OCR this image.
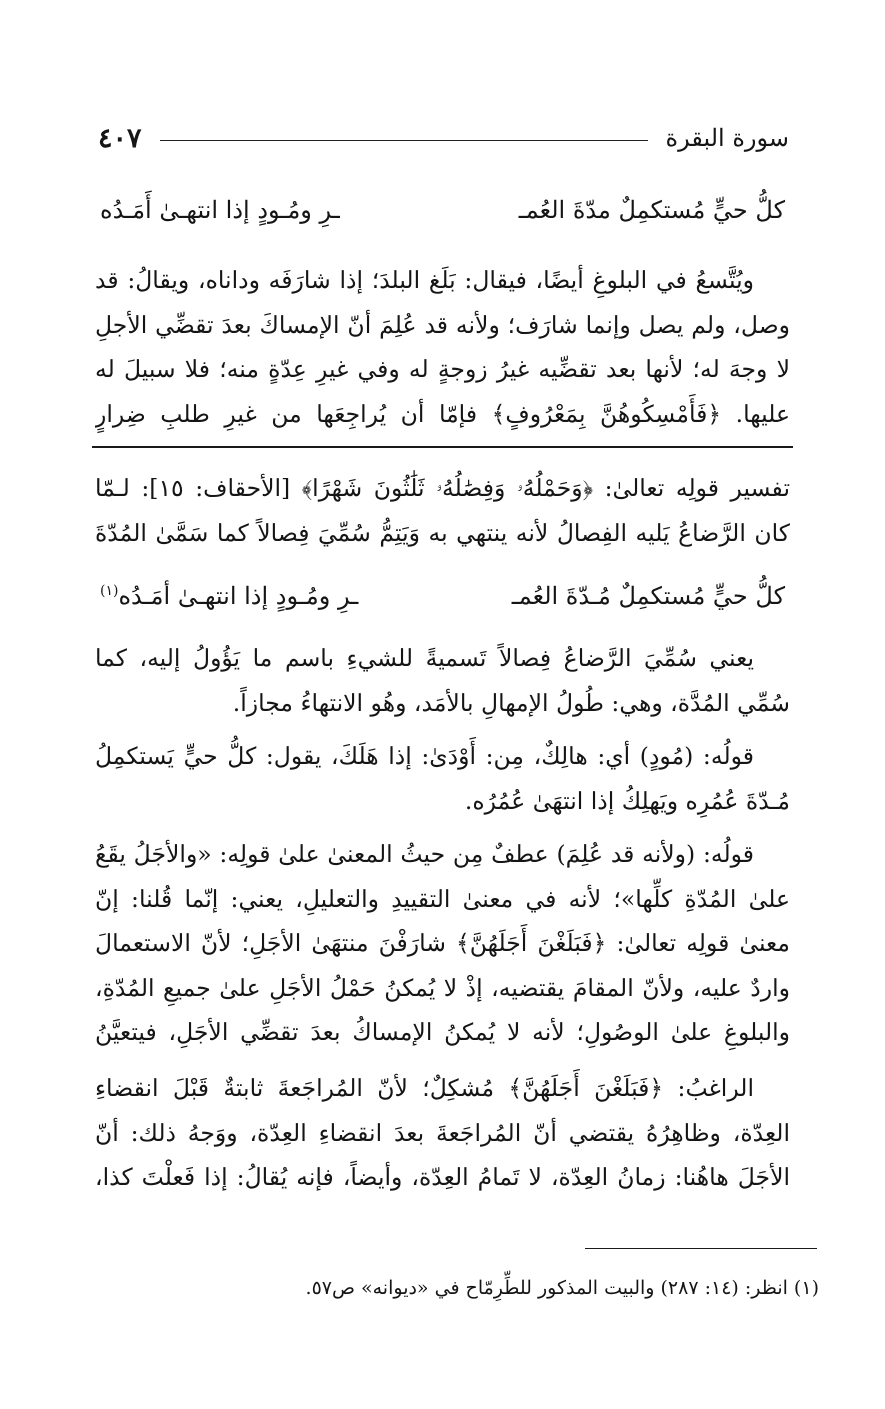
سورة البقرة
٤٠٧
كلُّ حيٍّ مُستكمِلٌ مدّةَ العُمـ
ـرِ ومُـودٍ إذا انتهـىٰ أَمَـدُه
ويُتَّسعُ في البلوغِ أيضًا، فيقال: بَلَغ البلدَ؛ إذا شارَفَه وداناه، ويقالُ: قد وصل، ولم يصل وإنما شارَف؛ ولأنه قد عُلِمَ أنّ الإمساكَ بعدَ تقضِّي الأجلِ لا وجهَ له؛ لأنها بعد تقضِّيه غيرُ زوجةٍ له وفي غيرِ عِدّةٍ منه؛ فلا سبيلَ له عليها. ﴿فَأَمْسِكُوهُنَّ بِمَعْرُوفٍ﴾ فإمّا أن يُراجِعَها من غيرِ طلبِ ضِرارٍ
تفسير قولِه تعالىٰ: ﴿وَحَمْلُهُۥ وَفِصَٰلُهُۥ ثَلَٰثُونَ شَهْرًا﴾ [الأحقاف: ١٥]: لـمّا كان الرَّضاعُ يَليه الفِصالُ لأنه ينتهي به وَيَتِمُّ سُمِّيَ فِصالاً كما سَمَّىٰ المُدّةَ
كلُّ حيٍّ مُستكمِلٌ مُـدّةَ العُمـ
ـرِ ومُـودٍ إذا انتهـىٰ أمَـدُه$^{(١)}$
يعني سُمِّيَ الرَّضاعُ فِصالاً تَسميةً للشيءِ باسم ما يَؤُولُ إليه، كما سُمِّي المُدَّة، وهي: طُولُ الإمهالِ بالأمَد، وهُو الانتهاءُ مجازاً.
قولُه: (مُودٍ) أي: هالِكٌ، مِن: أَوْدَىٰ: إذا هَلَكَ، يقول: كلُّ حيٍّ يَستكمِلُ مُـدّةَ عُمُرِه ويَهلِكُ إذا انتهَىٰ عُمُرُه.
قولُه: (ولأنه قد عُلِمَ) عطفٌ مِن حيثُ المعنىٰ علىٰ قولِه: «والأجَلُ يقَعُ علىٰ المُدّةِ كلِّها»؛ لأنه في معنىٰ التقييدِ والتعليلِ، يعني: إنّما قُلنا: إنّ معنىٰ قولِه تعالىٰ: ﴿فَبَلَغْنَ أَجَلَهُنَّ﴾ شارَفْنَ منتهَىٰ الأجَلِ؛ لأنّ الاستعمالَ واردٌ عليه، ولأنّ المقامَ يقتضيه، إذْ لا يُمكنُ حَمْلُ الأجَلِ علىٰ جميعِ المُدّةِ، والبلوغِ علىٰ الوصُولِ؛ لأنه لا يُمكنُ الإمساكُ بعدَ تقضِّي الأجَلِ، فيتعيَّنُ
الراغبُ: ﴿فَبَلَغْنَ أَجَلَهُنَّ﴾ مُشكِلٌ؛ لأنّ المُراجَعةَ ثابتةٌ قَبْلَ انقضاءِ العِدّة، وظاهِرُهُ يقتضي أنّ المُراجَعةَ بعدَ انقضاءِ العِدّة، ووَجهُ ذلك: أنّ الأجَلَ هاهُنا: زمانُ العِدّة، لا تَمامُ العِدّة، وأيضاً، فإنه يُقالُ: إذا فَعلْتَ كذا،
(١) انظر: (١٤: ٢٨٧) والبيت المذكور للطِّرِمّاح في «ديوانه» ص٥٧.
